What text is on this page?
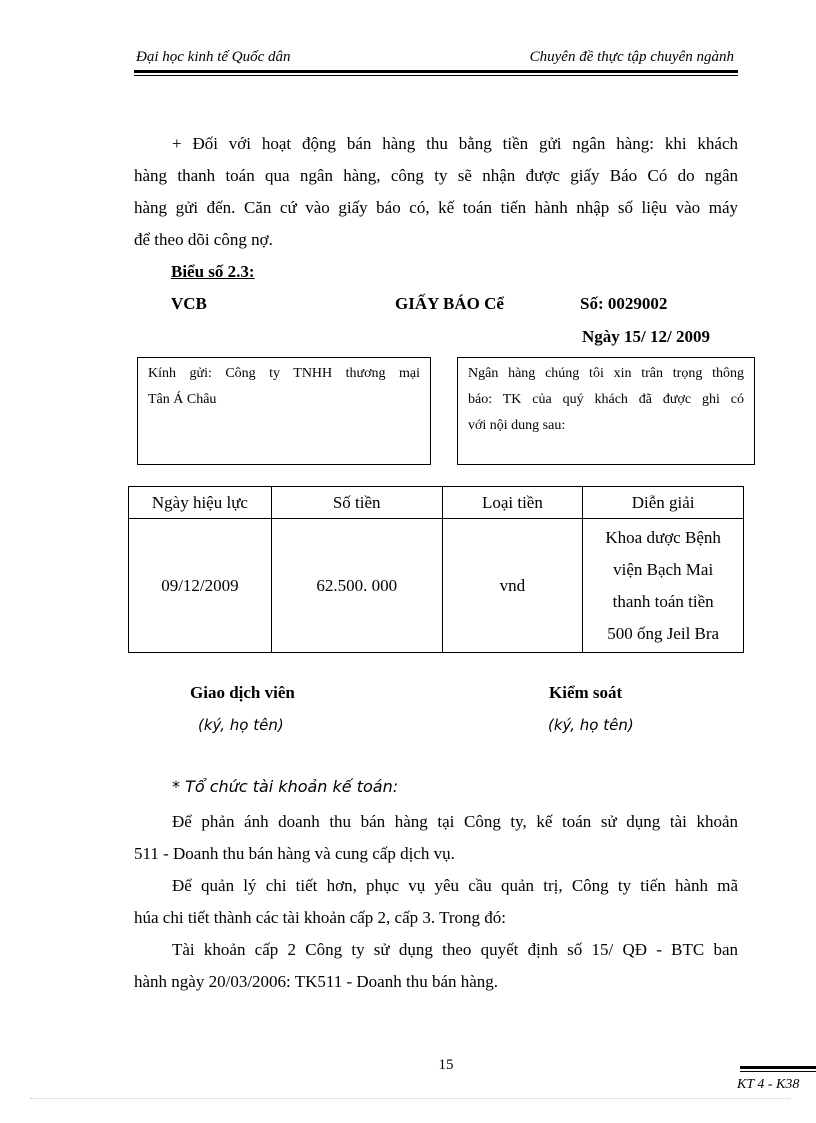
Đại học kinh tế Quốc dân	Chuyên đề thực tập chuyên ngành
+ Đối với hoạt động bán hàng thu bằng tiền gửi ngân hàng: khi khách
hàng thanh toán qua ngân hàng, công ty sẽ nhận được giấy Báo Có do ngân
hàng gửi đến. Căn cứ vào giấy báo có, kế toán tiến hành nhập số liệu vào máy
để theo dõi công nợ.
Biểu số 2.3:
VCB	GIẤY BÁO Cể	Số: 0029002
Ngày 15/ 12/ 2009
Kính gửi: Công ty TNHH thương mại
Tân Á Châu
Ngân hàng chúng tôi xin trân trọng thông
báo: TK của quý khách đã được ghi có
với nội dung sau:
Ngày hiệu lực	Số tiền	Loại tiền	Diễn giải
09/12/2009	62.500. 000	vnd	Khoa dược Bệnh
viện Bạch Mai
thanh toán tiền
500 ống Jeil Bra
Giao dịch viên
(ký, họ tên)
Kiểm soát
(ký, họ tên)
* Tổ chức tài khoản kế toán:
Để phản ánh doanh thu bán hàng tại Công ty, kế toán sử dụng tài khoản
511 - Doanh thu bán hàng và cung cấp dịch vụ.
Để quản lý chi tiết hơn, phục vụ yêu cầu quản trị, Công ty tiến hành mã
húa chi tiết thành các tài khoản cấp 2, cấp 3. Trong đó:
Tài khoản cấp 2 Công ty sử dụng theo quyết định số 15/ QĐ - BTC ban
hành ngày 20/03/2006: TK511 - Doanh thu bán hàng.
15
KT 4 - K38
